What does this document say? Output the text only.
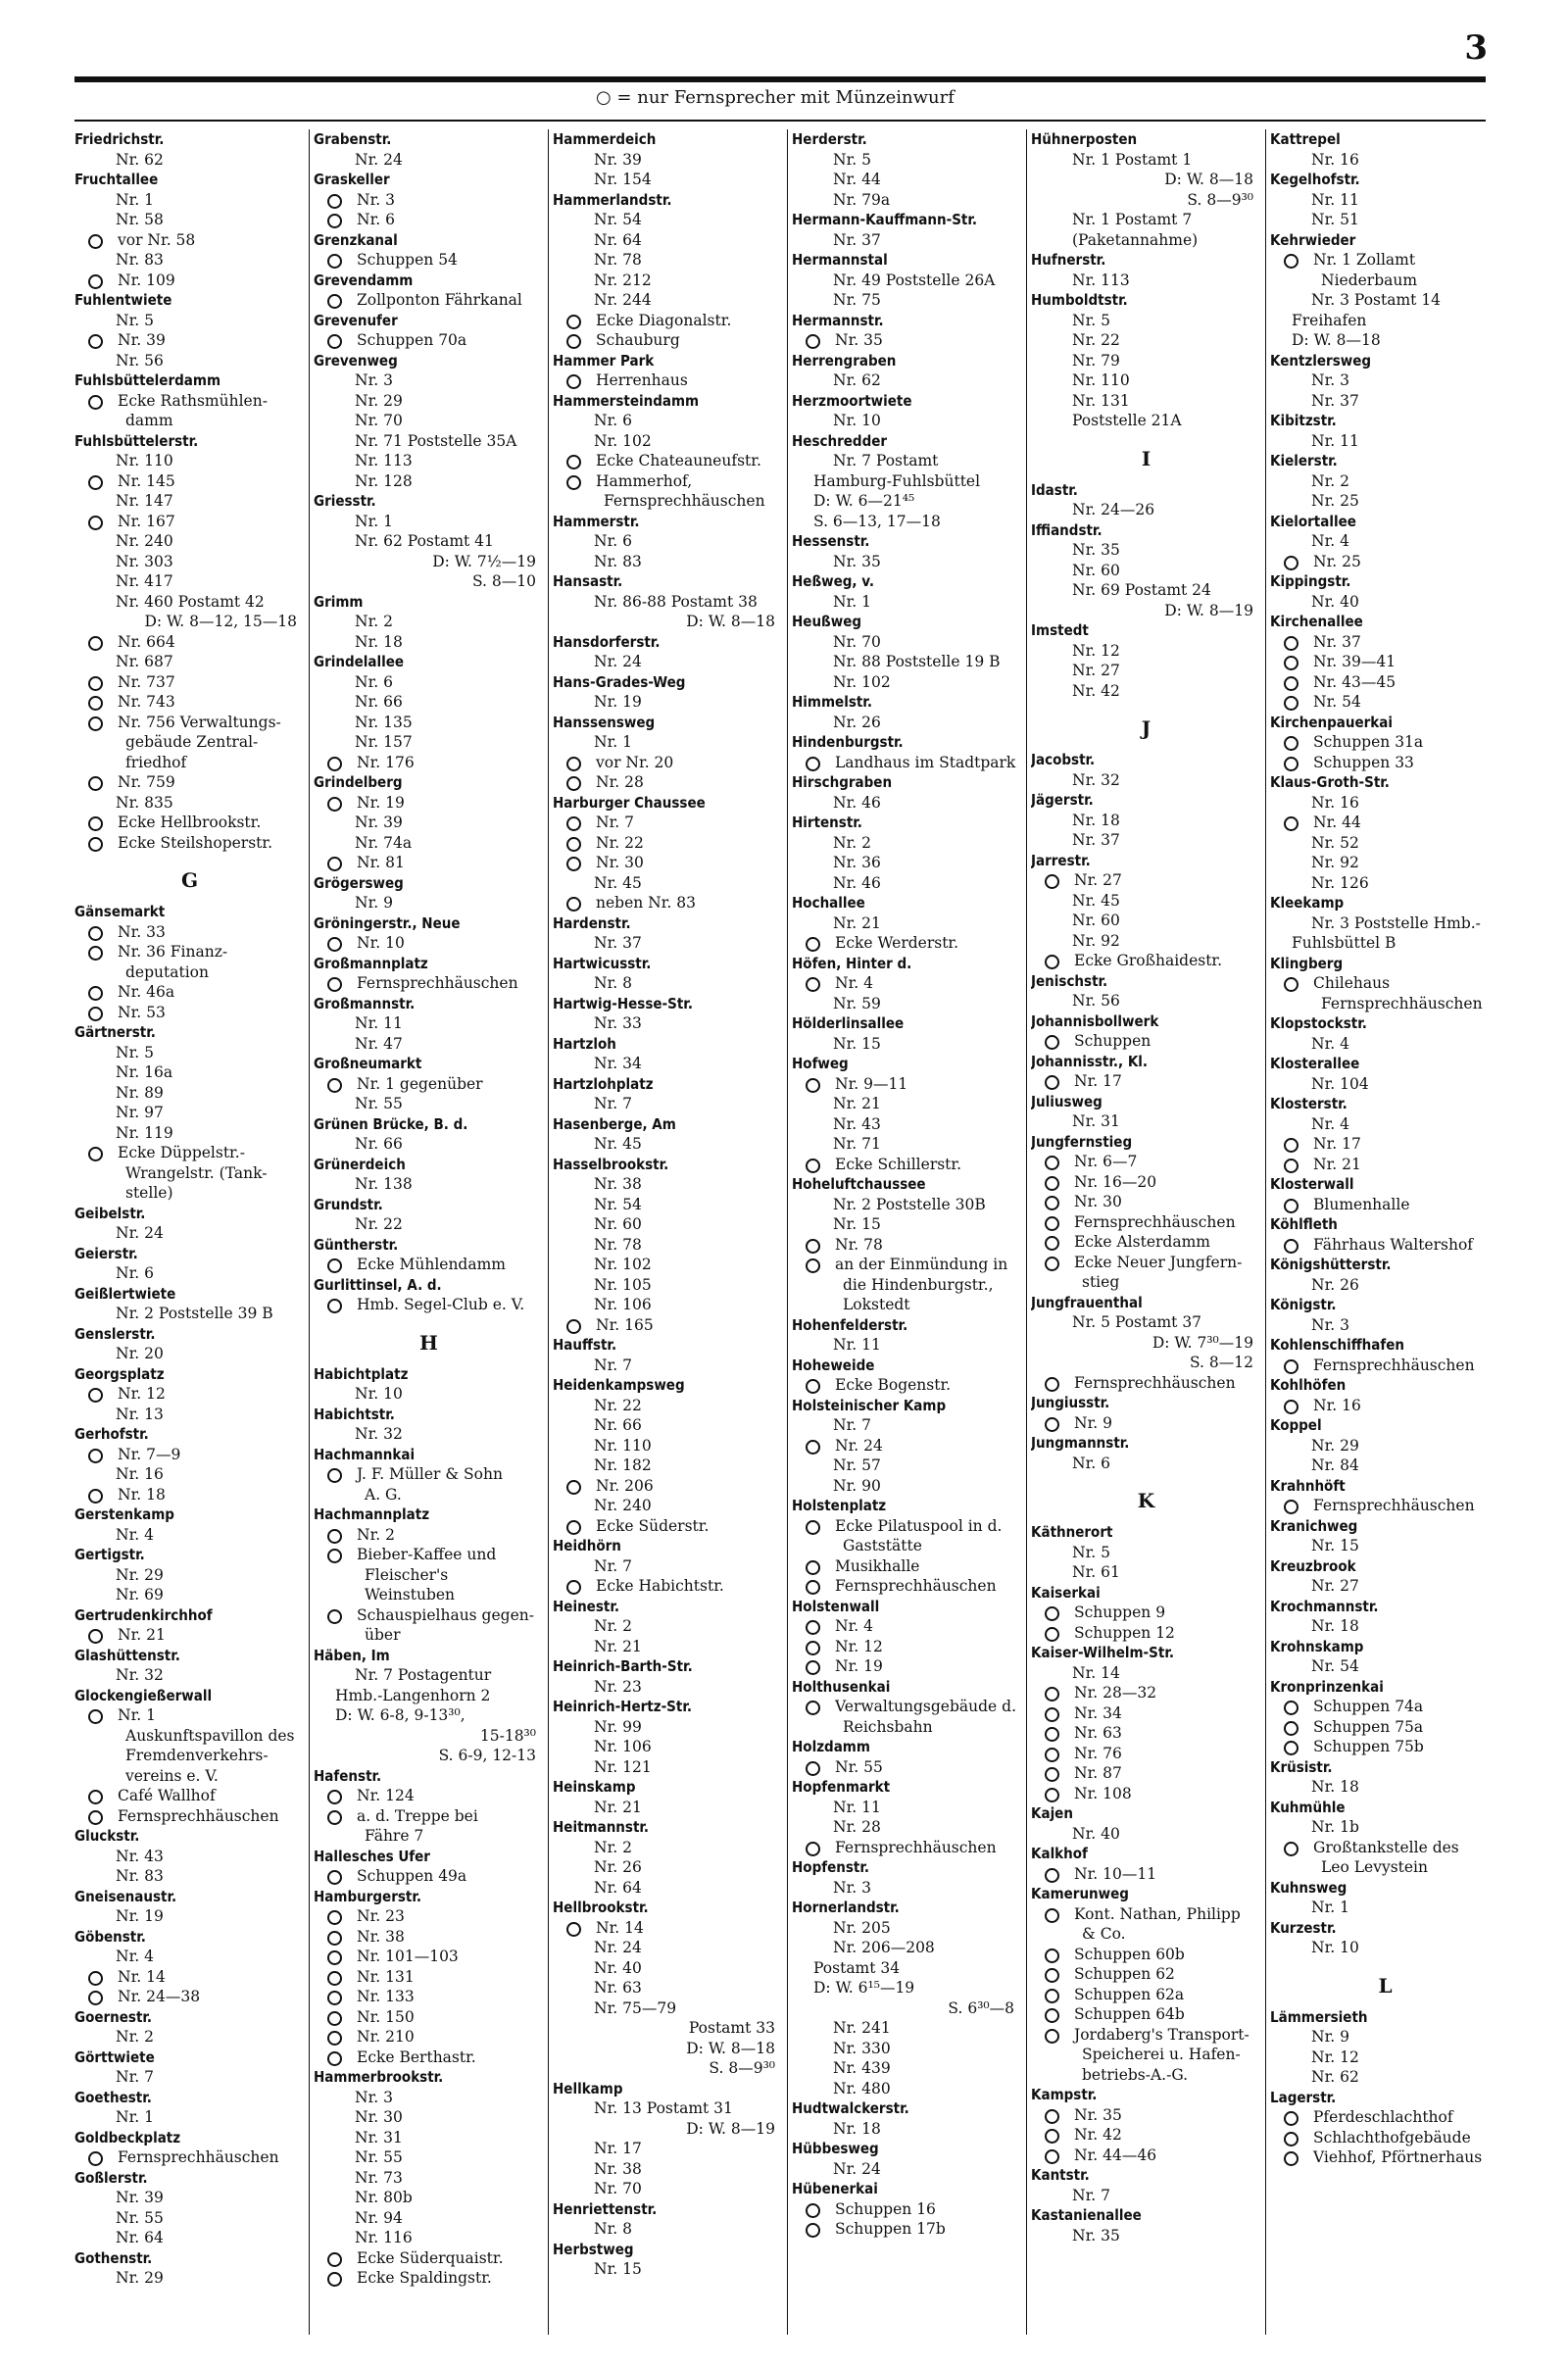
3
○ = nur Fernsprecher mit Münzeinwurf
Friedrichstr.
Nr. 62
Fruchtallee
Nr. 1
Nr. 58
vor Nr. 58
Nr. 83
Nr. 109
Fuhlentwiete
Nr. 5
Nr. 39
Nr. 56
Fuhlsbüttelerdamm
Ecke Rathsmühlen-
damm
Fuhlsbüttelerstr.
Nr. 110
Nr. 145
Nr. 147
Nr. 167
Nr. 240
Nr. 303
Nr. 417
Nr. 460 Postamt 42
D: W. 8—12, 15—18
Nr. 664
Nr. 687
Nr. 737
Nr. 743
Nr. 756 Verwaltungs-
gebäude Zentral-
friedhof
Nr. 759
Nr. 835
Ecke Hellbrookstr.
Ecke Steilshoperstr.
G
Gänsemarkt
Nr. 33
Nr. 36 Finanz-
deputation
Nr. 46a
Nr. 53
Gärtnerstr.
Nr. 5
Nr. 16a
Nr. 89
Nr. 97
Nr. 119
Ecke Düppelstr.-
Wrangelstr. (Tank-
stelle)
Geibelstr.
Nr. 24
Geierstr.
Nr. 6
Geißlertwiete
Nr. 2 Poststelle 39 B
Genslerstr.
Nr. 20
Georgsplatz
Nr. 12
Nr. 13
Gerhofstr.
Nr. 7—9
Nr. 16
Nr. 18
Gerstenkamp
Nr. 4
Gertigstr.
Nr. 29
Nr. 69
Gertrudenkirchhof
Nr. 21
Glashüttenstr.
Nr. 32
Glockengießerwall
Nr. 1
Auskunftspavillon des
Fremdenverkehrs-
vereins e. V.
Café Wallhof
Fernsprechhäuschen
Gluckstr.
Nr. 43
Nr. 83
Gneisenaustr.
Nr. 19
Göbenstr.
Nr. 4
Nr. 14
Nr. 24—38
Goernestr.
Nr. 2
Görttwiete
Nr. 7
Goethestr.
Nr. 1
Goldbeckplatz
Fernsprechhäuschen
Goßlerstr.
Nr. 39
Nr. 55
Nr. 64
Gothenstr.
Nr. 29
Grabenstr.
Nr. 24
Graskeller
Nr. 3
Nr. 6
Grenzkanal
Schuppen 54
Grevendamm
Zollponton Fährkanal
Grevenufer
Schuppen 70a
Grevenweg
Nr. 3
Nr. 29
Nr. 70
Nr. 71 Poststelle 35A
Nr. 113
Nr. 128
Griesstr.
Nr. 1
Nr. 62 Postamt 41
D: W. 7½—19
S. 8—10
Grimm
Nr. 2
Nr. 18
Grindelallee
Nr. 6
Nr. 66
Nr. 135
Nr. 157
Nr. 176
Grindelberg
Nr. 19
Nr. 39
Nr. 74a
Nr. 81
Grögersweg
Nr. 9
Gröningerstr., Neue
Nr. 10
Großmannplatz
Fernsprechhäuschen
Großmannstr.
Nr. 11
Nr. 47
Großneumarkt
Nr. 1 gegenüber
Nr. 55
Grünen Brücke, B. d.
Nr. 66
Grünerdeich
Nr. 138
Grundstr.
Nr. 22
Güntherstr.
Ecke Mühlendamm
Gurlittinsel, A. d.
Hmb. Segel-Club e. V.
H
Habichtplatz
Nr. 10
Habichtstr.
Nr. 32
Hachmannkai
J. F. Müller & Sohn
A. G.
Hachmannplatz
Nr. 2
Bieber-Kaffee und
Fleischer's
Weinstuben
Schauspielhaus gegen-
über
Häben, Im
Nr. 7 Postagentur
Hmb.-Langenhorn 2
D: W. 6-8, 9-13³⁰,
15-18³⁰
S. 6-9, 12-13
Hafenstr.
Nr. 124
a. d. Treppe bei
Fähre 7
Hallesches Ufer
Schuppen 49a
Hamburgerstr.
Nr. 23
Nr. 38
Nr. 101—103
Nr. 131
Nr. 133
Nr. 150
Nr. 210
Ecke Berthastr.
Hammerbrookstr.
Nr. 3
Nr. 30
Nr. 31
Nr. 55
Nr. 73
Nr. 80b
Nr. 94
Nr. 116
Ecke Süderquaistr.
Ecke Spaldingstr.
Hammerdeich
Nr. 39
Nr. 154
Hammerlandstr.
Nr. 54
Nr. 64
Nr. 78
Nr. 212
Nr. 244
Ecke Diagonalstr.
Schauburg
Hammer Park
Herrenhaus
Hammersteindamm
Nr. 6
Nr. 102
Ecke Chateauneufstr.
Hammerhof,
Fernsprechhäuschen
Hammerstr.
Nr. 6
Nr. 83
Hansastr.
Nr. 86-88 Postamt 38
D: W. 8—18
Hansdorferstr.
Nr. 24
Hans-Grades-Weg
Nr. 19
Hanssensweg
Nr. 1
vor Nr. 20
Nr. 28
Harburger Chaussee
Nr. 7
Nr. 22
Nr. 30
Nr. 45
neben Nr. 83
Hardenstr.
Nr. 37
Hartwicusstr.
Nr. 8
Hartwig-Hesse-Str.
Nr. 33
Hartzloh
Nr. 34
Hartzlohplatz
Nr. 7
Hasenberge, Am
Nr. 45
Hasselbrookstr.
Nr. 38
Nr. 54
Nr. 60
Nr. 78
Nr. 102
Nr. 105
Nr. 106
Nr. 165
Hauffstr.
Nr. 7
Heidenkampsweg
Nr. 22
Nr. 66
Nr. 110
Nr. 182
Nr. 206
Nr. 240
Ecke Süderstr.
Heidhörn
Nr. 7
Ecke Habichtstr.
Heinestr.
Nr. 2
Nr. 21
Heinrich-Barth-Str.
Nr. 23
Heinrich-Hertz-Str.
Nr. 99
Nr. 106
Nr. 121
Heinskamp
Nr. 21
Heitmannstr.
Nr. 2
Nr. 26
Nr. 64
Hellbrookstr.
Nr. 14
Nr. 24
Nr. 40
Nr. 63
Nr. 75—79
Postamt 33
D: W. 8—18
S. 8—9³⁰
Hellkamp
Nr. 13 Postamt 31
D: W. 8—19
Nr. 17
Nr. 38
Nr. 70
Henriettenstr.
Nr. 8
Herbstweg
Nr. 15
Herderstr.
Nr. 5
Nr. 44
Nr. 79a
Hermann-Kauffmann-Str.
Nr. 37
Hermannstal
Nr. 49 Poststelle 26A
Nr. 75
Hermannstr.
Nr. 35
Herrengraben
Nr. 62
Herzmoortwiete
Nr. 10
Heschredder
Nr. 7 Postamt
Hamburg-Fuhlsbüttel
D: W. 6—21⁴⁵
S. 6—13, 17—18
Hessenstr.
Nr. 35
Heßweg, v.
Nr. 1
Heußweg
Nr. 70
Nr. 88 Poststelle 19 B
Nr. 102
Himmelstr.
Nr. 26
Hindenburgstr.
Landhaus im Stadtpark
Hirschgraben
Nr. 46
Hirtenstr.
Nr. 2
Nr. 36
Nr. 46
Hochallee
Nr. 21
Ecke Werderstr.
Höfen, Hinter d.
Nr. 4
Nr. 59
Hölderlinsallee
Nr. 15
Hofweg
Nr. 9—11
Nr. 21
Nr. 43
Nr. 71
Ecke Schillerstr.
Hoheluftchaussee
Nr. 2 Poststelle 30B
Nr. 15
Nr. 78
an der Einmündung in
die Hindenburgstr.,
Lokstedt
Hohenfelderstr.
Nr. 11
Hoheweide
Ecke Bogenstr.
Holsteinischer Kamp
Nr. 7
Nr. 24
Nr. 57
Nr. 90
Holstenplatz
Ecke Pilatuspool in d.
Gaststätte
Musikhalle
Fernsprechhäuschen
Holstenwall
Nr. 4
Nr. 12
Nr. 19
Holthusenkai
Verwaltungsgebäude d.
Reichsbahn
Holzdamm
Nr. 55
Hopfenmarkt
Nr. 11
Nr. 28
Fernsprechhäuschen
Hopfenstr.
Nr. 3
Hornerlandstr.
Nr. 205
Nr. 206—208
Postamt 34
D: W. 6¹⁵—19
S. 6³⁰—8
Nr. 241
Nr. 330
Nr. 439
Nr. 480
Hudtwalckerstr.
Nr. 18
Hübbesweg
Nr. 24
Hübenerkai
Schuppen 16
Schuppen 17b
Hühnerposten
Nr. 1 Postamt 1
D: W. 8—18
S. 8—9³⁰
Nr. 1 Postamt 7
(Paketannahme)
Hufnerstr.
Nr. 113
Humboldtstr.
Nr. 5
Nr. 22
Nr. 79
Nr. 110
Nr. 131
Poststelle 21A
I
Idastr.
Nr. 24—26
Iffiandstr.
Nr. 35
Nr. 60
Nr. 69 Postamt 24
D: W. 8—19
Imstedt
Nr. 12
Nr. 27
Nr. 42
J
Jacobstr.
Nr. 32
Jägerstr.
Nr. 18
Nr. 37
Jarrestr.
Nr. 27
Nr. 45
Nr. 60
Nr. 92
Ecke Großhaidestr.
Jenischstr.
Nr. 56
Johannisbollwerk
Schuppen
Johannisstr., Kl.
Nr. 17
Juliusweg
Nr. 31
Jungfernstieg
Nr. 6—7
Nr. 16—20
Nr. 30
Fernsprechhäuschen
Ecke Alsterdamm
Ecke Neuer Jungfern-
stieg
Jungfrauenthal
Nr. 5 Postamt 37
D: W. 7³⁰—19
S. 8—12
Fernsprechhäuschen
Jungiusstr.
Nr. 9
Jungmannstr.
Nr. 6
K
Käthnerort
Nr. 5
Nr. 61
Kaiserkai
Schuppen 9
Schuppen 12
Kaiser-Wilhelm-Str.
Nr. 14
Nr. 28—32
Nr. 34
Nr. 63
Nr. 76
Nr. 87
Nr. 108
Kajen
Nr. 40
Kalkhof
Nr. 10—11
Kamerunweg
Kont. Nathan, Philipp
& Co.
Schuppen 60b
Schuppen 62
Schuppen 62a
Schuppen 64b
Jordaberg's Transport-
Speicherei u. Hafen-
betriebs-A.-G.
Kampstr.
Nr. 35
Nr. 42
Nr. 44—46
Kantstr.
Nr. 7
Kastanienallee
Nr. 35
Kattrepel
Nr. 16
Kegelhofstr.
Nr. 11
Nr. 51
Kehrwieder
Nr. 1 Zollamt
Niederbaum
Nr. 3 Postamt 14
Freihafen
D: W. 8—18
Kentzlersweg
Nr. 3
Nr. 37
Kibitzstr.
Nr. 11
Kielerstr.
Nr. 2
Nr. 25
Kielortallee
Nr. 4
Nr. 25
Kippingstr.
Nr. 40
Kirchenallee
Nr. 37
Nr. 39—41
Nr. 43—45
Nr. 54
Kirchenpauerkai
Schuppen 31a
Schuppen 33
Klaus-Groth-Str.
Nr. 16
Nr. 44
Nr. 52
Nr. 92
Nr. 126
Kleekamp
Nr. 3 Poststelle Hmb.-
Fuhlsbüttel B
Klingberg
Chilehaus
Fernsprechhäuschen
Klopstockstr.
Nr. 4
Klosterallee
Nr. 104
Klosterstr.
Nr. 4
Nr. 17
Nr. 21
Klosterwall
Blumenhalle
Köhlfleth
Fährhaus Waltershof
Königshütterstr.
Nr. 26
Königstr.
Nr. 3
Kohlenschiffhafen
Fernsprechhäuschen
Kohlhöfen
Nr. 16
Koppel
Nr. 29
Nr. 84
Krahnhöft
Fernsprechhäuschen
Kranichweg
Nr. 15
Kreuzbrook
Nr. 27
Krochmannstr.
Nr. 18
Krohnskamp
Nr. 54
Kronprinzenkai
Schuppen 74a
Schuppen 75a
Schuppen 75b
Krüsistr.
Nr. 18
Kuhmühle
Nr. 1b
Großtankstelle des
Leo Levystein
Kuhnsweg
Nr. 1
Kurzestr.
Nr. 10
L
Lämmersieth
Nr. 9
Nr. 12
Nr. 62
Lagerstr.
Pferdeschlachthof
Schlachthofgebäude
Viehhof, Pförtnerhaus
